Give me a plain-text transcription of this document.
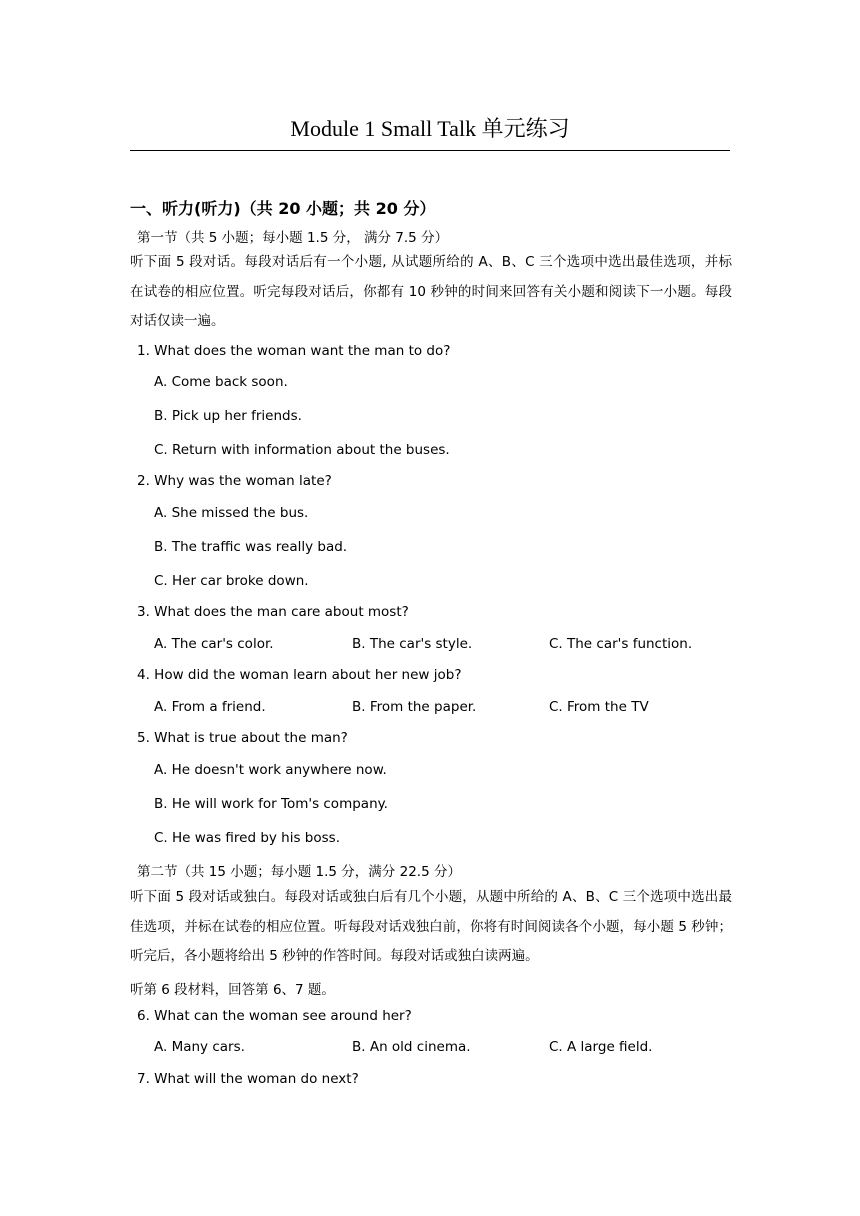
Module 1 Small Talk 单元练习
一、听力(听力)（共 20 小题；共 20 分）
第一节（共 5 小题；每小题 1.5 分， 满分 7.5 分）
听下面 5 段对话。每段对话后有一个小题, 从试题所给的 A、B、C 三个选项中选出最佳选项，并标在试卷的相应位置。听完每段对话后，你都有 10 秒钟的时间来回答有关小题和阅读下一小题。每段对话仅读一遍。
1. What does the woman want the man to do?
A. Come back soon.
B. Pick up her friends.
C. Return with information about the buses.
2. Why was the woman late?
A. She missed the bus.
B. The traffic was really bad.
C. Her car broke down.
3. What does the man care about most?
A. The car's color.	B. The car's style.	C. The car's function.
4. How did the woman learn about her new job?
A. From a friend.	B. From the paper.	C. From the TV
5. What is true about the man?
A. He doesn't work anywhere now.
B. He will work for Tom's company.
C. He was fired by his boss.
第二节（共 15 小题；每小题 1.5 分，满分 22.5 分）
听下面 5 段对话或独白。每段对话或独白后有几个小题，从题中所给的 A、B、C 三个选项中选出最佳选项，并标在试卷的相应位置。听每段对话戏独白前，你将有时间阅读各个小题，每小题 5 秒钟；听完后，各小题将给出 5 秒钟的作答时间。每段对话或独白读两遍。
听第 6 段材料，回答第 6、7 题。
6. What can the woman see around her?
A. Many cars.	B. An old cinema.	C. A large field.
7. What will the woman do next?
